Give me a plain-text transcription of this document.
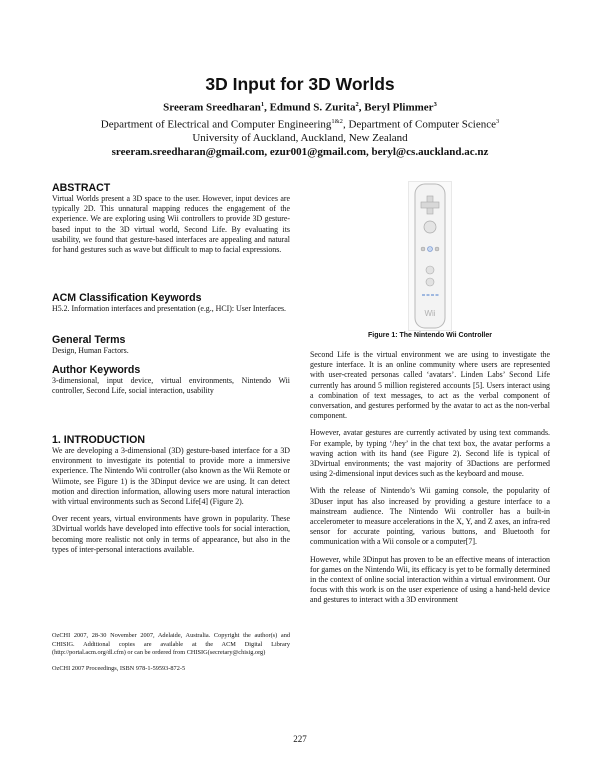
3D Input for 3D Worlds
Sreeram Sreedharan$^1$, Edmund S. Zurita$^2$, Beryl Plimmer$^3$
Department of Electrical and Computer Engineering$^{1\&2}$, Department of Computer Science$^3$
University of Auckland, Auckland, New Zealand
sreeram.sreedharan@gmail.com, ezur001@gmail.com, beryl@cs.auckland.ac.nz
ABSTRACT

Virtual Worlds present a 3D space to the user. However, input devices are typically 2D. This unnatural mapping reduces the engagement of the experience. We are exploring using Wii controllers to provide 3D gesture-based input to the 3D virtual world, Second Life. By evaluating its usability, we found that gesture-based interfaces are appealing and natural for hand gestures such as wave but difficult to map to facial expressions.

ACM Classification Keywords

H5.2. Information interfaces and presentation (e.g., HCI): User Interfaces.

General Terms

Design, Human Factors.

Author Keywords

3-dimensional, input device, virtual environments, Nintendo Wii controller, Second Life, social interaction, usability

1. INTRODUCTION

We are developing a 3-dimensional (3D) gesture-based interface for a 3D environment to investigate its potential to provide more a immersive experience. The Nintendo Wii controller (also known as the Wii Remote or Wiimote, see Figure 1) is the 3Dinput device we are using. It can detect motion and direction information, allowing users more natural interaction with virtual environments such as Second Life[4] (Figure 2).

Over recent years, virtual environments have grown in popularity. These 3Dvirtual worlds have developed into effective tools for social interaction, becoming more realistic not only in terms of appearance, but also in the types of inter-personal interactions available.

OzCHI 2007, 28-30 November 2007, Adelaide, Australia. Copyright the author(s) and CHISIG. Additional copies are available at the ACM Digital Library (http://portal.acm.org/dl.cfm) or can be ordered from CHISIG(secretary@chisig.org)

OzCHI 2007 Proceedings, ISBN 978-1-59593-872-5

Wii
Figure 1: The Nintendo Wii Controller

Second Life is the virtual environment we are using to investigate the gesture interface. It is an online community where users are represented with user-created personas called ‘avatars’. Linden Labs’ Second Life currently has around 5 million registered accounts [5]. Users interact using a combination of text messages, to act as the verbal component of conversation, and gestures performed by the avatar to act as the non-verbal component.

However, avatar gestures are currently activated by using text commands. For example, by typing ‘/hey’ in the chat text box, the avatar performs a waving action with its hand (see Figure 2). Second life is typical of 3Dvirtual environments; the vast majority of 3Dactions are performed using 2-dimensional input devices such as the keyboard and mouse.

With the release of Nintendo’s Wii gaming console, the popularity of 3Duser input has also increased by providing a gesture interface to a mainstream audience. The Nintendo Wii controller has a built-in accelerometer to measure accelerations in the X, Y, and Z axes, an infra-red sensor for accurate pointing, various buttons, and Bluetooth for communication with a Wii console or a computer[7].

However, while 3Dinput has proven to be an effective means of interaction for games on the Nintendo Wii, its efficacy is yet to be formally determined in the context of online social interaction within a virtual environment. Our focus with this work is on the user experience of using a hand-held device and gestures to interact with a 3D environment

227
